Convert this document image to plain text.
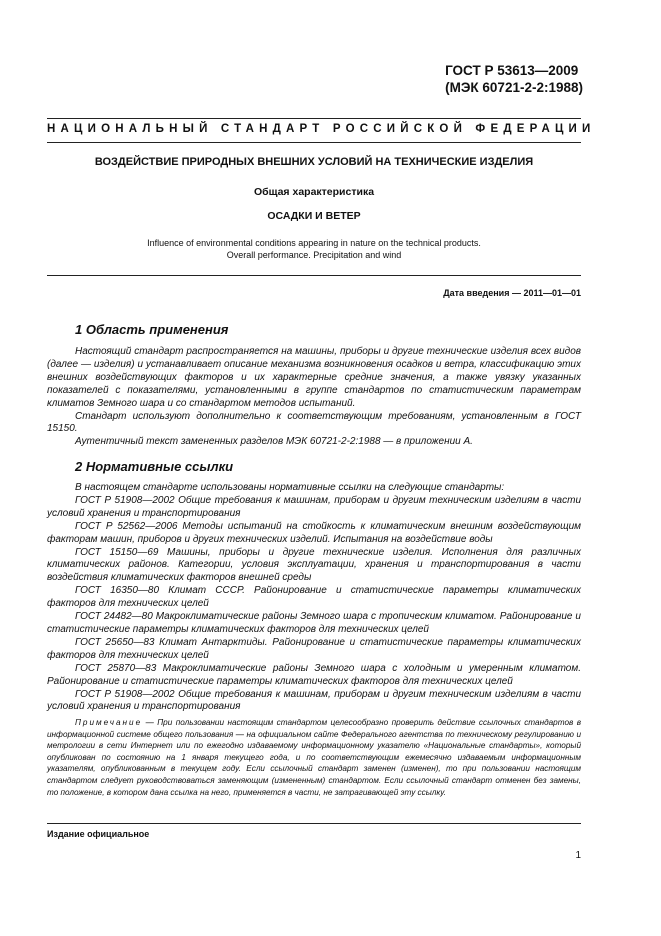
ГОСТ Р 53613—2009
(МЭК 60721-2-2:1988)
НАЦИОНАЛЬНЫЙ СТАНДАРТ РОССИЙСКОЙ ФЕДЕРАЦИИ
ВОЗДЕЙСТВИЕ ПРИРОДНЫХ ВНЕШНИХ УСЛОВИЙ НА ТЕХНИЧЕСКИЕ ИЗДЕЛИЯ
Общая характеристика
ОСАДКИ И ВЕТЕР
Influence of environmental conditions appearing in nature on the technical products.
Overall performance. Precipitation and wind
Дата введения — 2011—01—01
1 Область применения

Настоящий стандарт распространяется на машины, приборы и другие технические изделия всех видов (далее — изделия) и устанавливает описание механизма возникновения осадков и ветра, классификацию этих внешних воздействующих факторов и их характерные средние значения, а также увязку указанных показателей с показателями, установленными в группе стандартов по статистическим параметрам климатов Земного шара и со стандартом методов испытаний.

Стандарт используют дополнительно к соответствующим требованиям, установленным в ГОСТ 15150.

Аутентичный текст замененных разделов МЭК 60721-2-2:1988 — в приложении А.

2 Нормативные ссылки

В настоящем стандарте использованы нормативные ссылки на следующие стандарты:

ГОСТ Р 51908—2002 Общие требования к машинам, приборам и другим техническим изделиям в части условий хранения и транспортирования

ГОСТ Р 52562—2006 Методы испытаний на стойкость к климатическим внешним воздействующим факторам машин, приборов и других технических изделий. Испытания на воздействие воды

ГОСТ 15150—69 Машины, приборы и другие технические изделия. Исполнения для различных климатических районов. Категории, условия эксплуатации, хранения и транспортирования в части воздействия климатических факторов внешней среды

ГОСТ 16350—80 Климат СССР. Районирование и статистические параметры климатических факторов для технических целей

ГОСТ 24482—80 Макроклиматические районы Земного шара с тропическим климатом. Районирование и статистические параметры климатических факторов для технических целей

ГОСТ 25650—83 Климат Антарктиды. Районирование и статистические параметры климатических факторов для технических целей

ГОСТ 25870—83 Макроклиматические районы Земного шара с холодным и умеренным климатом. Районирование и статистические параметры климатических факторов для технических целей

ГОСТ Р 51908—2002 Общие требования к машинам, приборам и другим техническим изделиям в части условий хранения и транспортирования

Примечание — При пользовании настоящим стандартом целесообразно проверить действие ссылочных стандартов в информационной системе общего пользования — на официальном сайте Федерального агентства по техническому регулированию и метрологии в сети Интернет или по ежегодно издаваемому информационному указателю «Национальные стандарты», который опубликован по состоянию на 1 января текущего года, и по соответствующим ежемесячно издаваемым информационным указателям, опубликованным в текущем году. Если ссылочный стандарт заменен (изменен), то при пользовании настоящим стандартом следует руководствоваться заменяющим (измененным) стандартом. Если ссылочный стандарт отменен без замены, то положение, в котором дана ссылка на него, применяется в части, не затрагивающей эту ссылку.

Издание официальное
1
